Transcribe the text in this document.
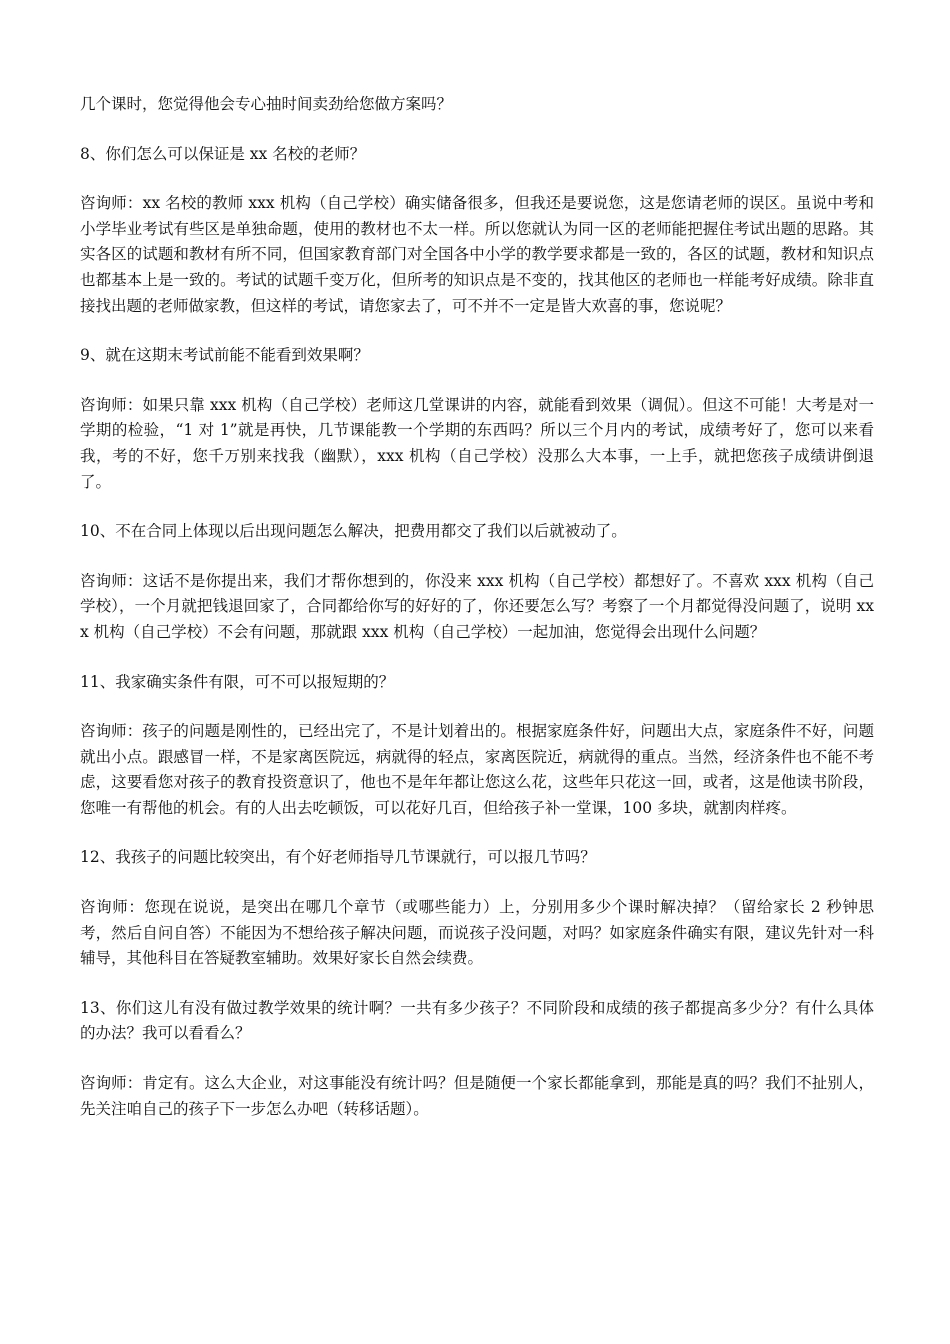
几个课时，您觉得他会专心抽时间卖劲给您做方案吗？

8、你们怎么可以保证是 xx 名校的老师？

咨询师：xx 名校的教师 xxx 机构（自己学校）确实储备很多，但我还是要说您，这是您请老师的误区。虽说中考和小学毕业考试有些区是单独命题，使用的教材也不太一样。所以您就认为同一区的老师能把握住考试出题的思路。其实各区的试题和教材有所不同，但国家教育部门对全国各中小学的教学要求都是一致的，各区的试题，教材和知识点也都基本上是一致的。考试的试题千变万化，但所考的知识点是不变的，找其他区的老师也一样能考好成绩。除非直接找出题的老师做家教，但这样的考试，请您家去了，可不并不一定是皆大欢喜的事，您说呢？

9、就在这期末考试前能不能看到效果啊？

咨询师：如果只靠 xxx 机构（自己学校）老师这几堂课讲的内容，就能看到效果（调侃）。但这不可能！大考是对一学期的检验，“1 对 1”就是再快，几节课能教一个学期的东西吗？所以三个月内的考试，成绩考好了，您可以来看我，考的不好，您千万别来找我（幽默），xxx 机构（自己学校）没那么大本事，一上手，就把您孩子成绩讲倒退了。

10、不在合同上体现以后出现问题怎么解决，把费用都交了我们以后就被动了。

咨询师：这话不是你提出来，我们才帮你想到的，你没来 xxx 机构（自己学校）都想好了。不喜欢 xxx 机构（自己学校），一个月就把钱退回家了，合同都给你写的好好的了，你还要怎么写？考察了一个月都觉得没问题了，说明 xxx 机构（自己学校）不会有问题，那就跟 xxx 机构（自己学校）一起加油，您觉得会出现什么问题？

11、我家确实条件有限，可不可以报短期的？

咨询师：孩子的问题是刚性的，已经出完了，不是计划着出的。根据家庭条件好，问题出大点，家庭条件不好，问题就出小点。跟感冒一样，不是家离医院远，病就得的轻点，家离医院近，病就得的重点。当然，经济条件也不能不考虑，这要看您对孩子的教育投资意识了，他也不是年年都让您这么花，这些年只花这一回，或者，这是他读书阶段，您唯一有帮他的机会。有的人出去吃顿饭，可以花好几百，但给孩子补一堂课，100 多块，就割肉样疼。

12、我孩子的问题比较突出，有个好老师指导几节课就行，可以报几节吗？

咨询师：您现在说说，是突出在哪几个章节（或哪些能力）上，分别用多少个课时解决掉？（留给家长 2 秒钟思考，然后自问自答）不能因为不想给孩子解决问题，而说孩子没问题，对吗？如家庭条件确实有限，建议先针对一科辅导，其他科目在答疑教室辅助。效果好家长自然会续费。

13、你们这儿有没有做过教学效果的统计啊？一共有多少孩子？不同阶段和成绩的孩子都提高多少分？有什么具体的办法？我可以看看么？

咨询师：肯定有。这么大企业，对这事能没有统计吗？但是随便一个家长都能拿到，那能是真的吗？我们不扯别人，先关注咱自己的孩子下一步怎么办吧（转移话题）。
